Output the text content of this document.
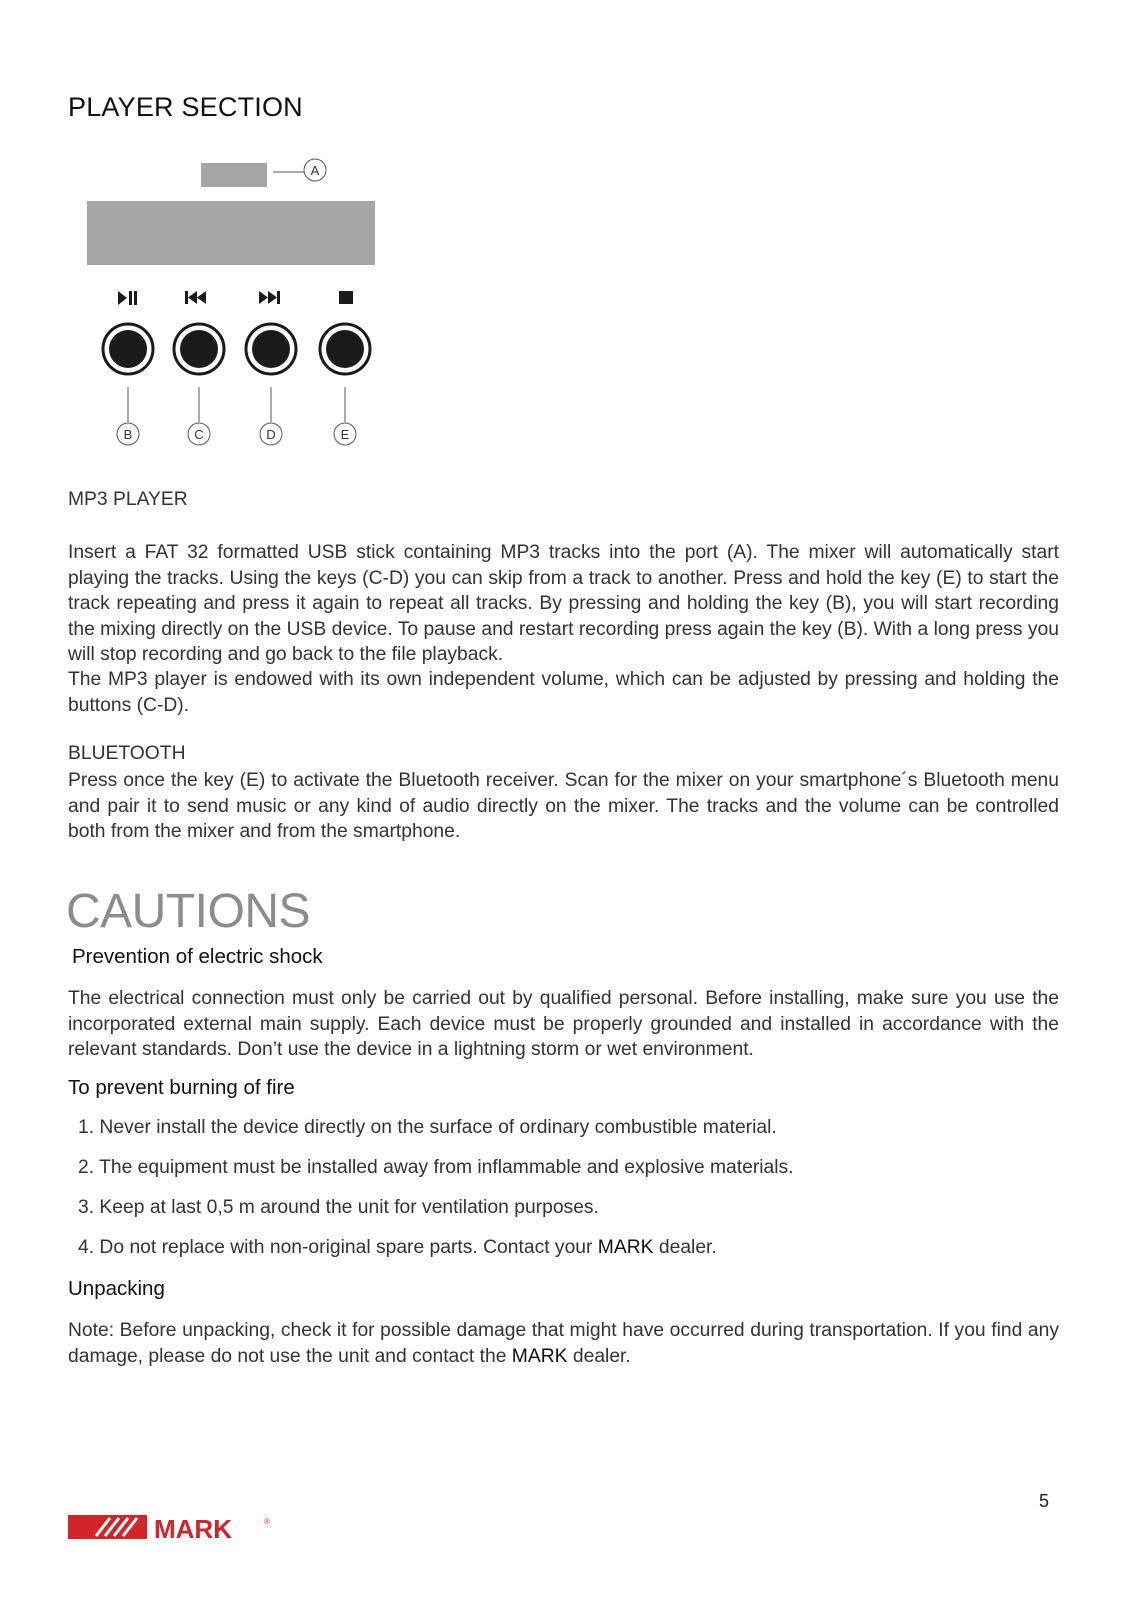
PLAYER SECTION
A
B	C	D	E
MP3 PLAYER
Insert a FAT 32 formatted USB stick containing MP3 tracks into the port (A). The mixer will automatically start playing the tracks. Using the keys (C-D) you can skip from a track to another. Press and hold the key (E) to start the track repeating and press it again to repeat all tracks. By pressing and holding the key (B), you will start recording the mixing directly on the USB device. To pause and restart recording press again the key (B). With a long press you will stop recording and go back to the file playback.
The MP3 player is endowed with its own independent volume, which can be adjusted by pressing and holding the buttons (C-D).
BLUETOOTH
Press once the key (E) to activate the Bluetooth receiver. Scan for the mixer on your smartphone´s Bluetooth menu and pair it to send music or any kind of audio directly on the mixer. The tracks and the volume can be controlled both from the mixer and from the smartphone.
CAUTIONS
Prevention of electric shock
The electrical connection must only be carried out by qualified personal. Before installing, make sure you use the incorporated external main supply. Each device must be properly grounded and installed in accordance with the relevant standards. Don’t use the device in a lightning storm or wet environment.
To prevent burning of fire
1. Never install the device directly on the surface of ordinary combustible material.
2. The equipment must be installed away from inflammable and explosive materials.
3. Keep at last 0,5 m around the unit for ventilation purposes.
4. Do not replace with non-original spare parts. Contact your MARK dealer.
Unpacking
Note: Before unpacking, check it for possible damage that might have occurred during transportation. If you find any damage, please do not use the unit and contact the MARK dealer.
MARK	®
5
